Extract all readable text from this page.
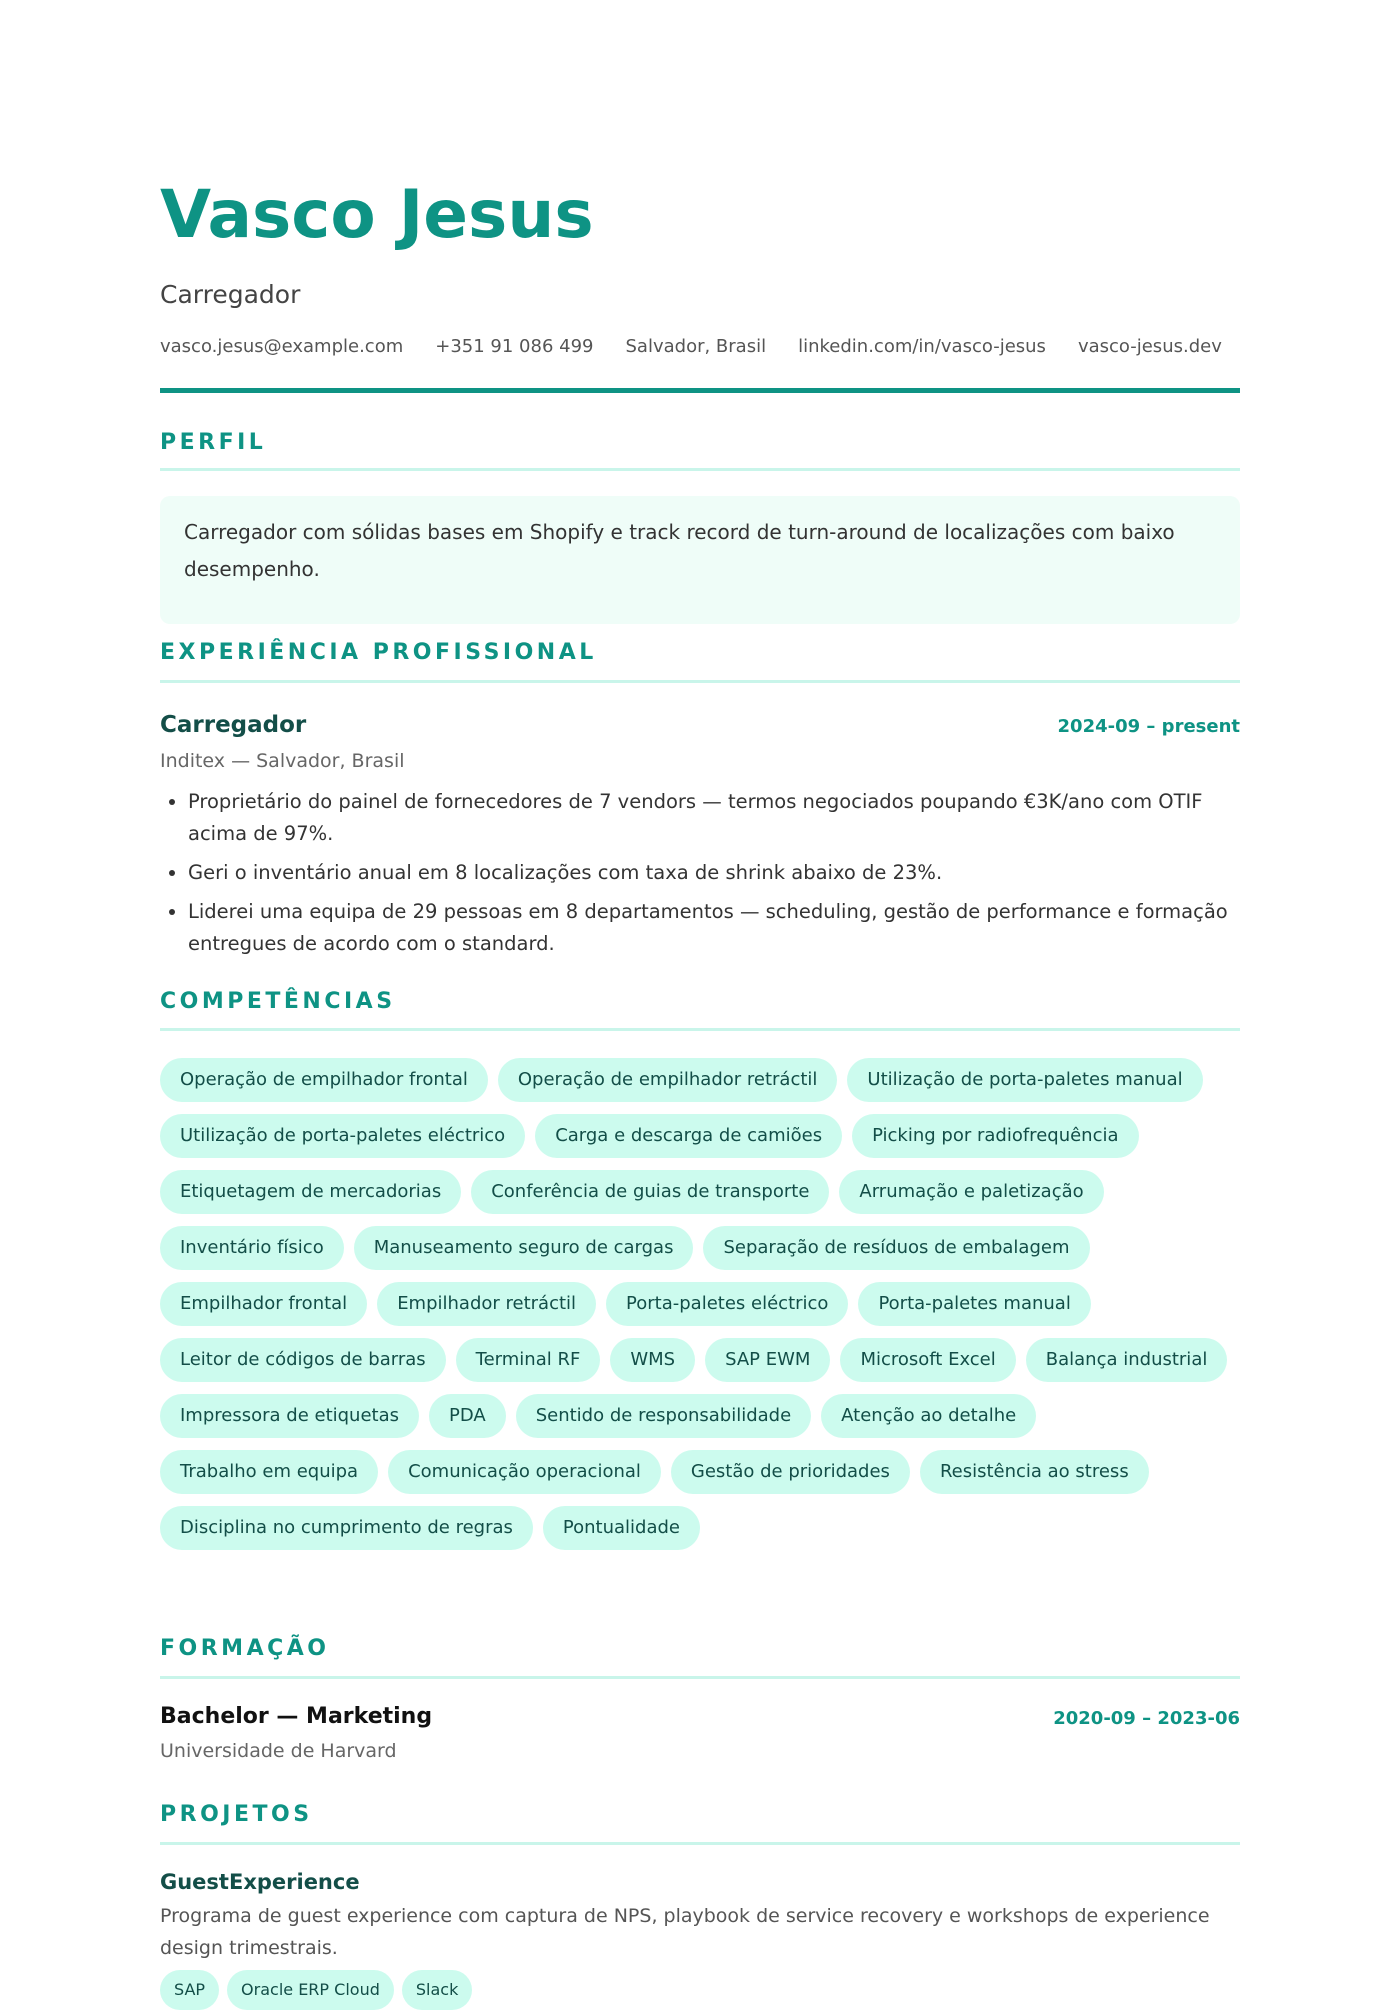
Vasco Jesus

Carregador

vasco.jesus@example.com +351 91 086 499 Salvador, Brasil linkedin.com/in/vasco-jesus vasco-jesus.dev
PERFIL
Carregador com sólidas bases em Shopify e track record de turn-around de localizações com baixo desempenho.
EXPERIÊNCIA PROFISSIONAL
Carregador	2024-09 – present

Inditex — Salvador, Brasil

• Proprietário do painel de fornecedores de 7 vendors — termos negociados poupando €3K/ano com OTIF acima de 97%.
• Geri o inventário anual em 8 localizações com taxa de shrink abaixo de 23%.
• Liderei uma equipa de 29 pessoas em 8 departamentos — scheduling, gestão de performance e formação entregues de acordo com o standard.
COMPETÊNCIAS
Operação de empilhador frontal	Operação de empilhador retráctil	Utilização de porta-paletes manual
Utilização de porta-paletes eléctrico	Carga e descarga de camiões	Picking por radiofrequência
Etiquetagem de mercadorias	Conferência de guias de transporte	Arrumação e paletização
Inventário físico	Manuseamento seguro de cargas	Separação de resíduos de embalagem
Empilhador frontal	Empilhador retráctil	Porta-paletes eléctrico	Porta-paletes manual
Leitor de códigos de barras	Terminal RF	WMS	SAP EWM	Microsoft Excel	Balança industrial
Impressora de etiquetas	PDA	Sentido de responsabilidade	Atenção ao detalhe
Trabalho em equipa	Comunicação operacional	Gestão de prioridades	Resistência ao stress
Disciplina no cumprimento de regras	Pontualidade
FORMAÇÃO
Bachelor — Marketing	2020-09 – 2023-06

Universidade de Harvard

PROJETOS
GuestExperience

Programa de guest experience com captura de NPS, playbook de service recovery e workshops de experience design trimestrais.

SAP	Oracle ERP Cloud	Slack
